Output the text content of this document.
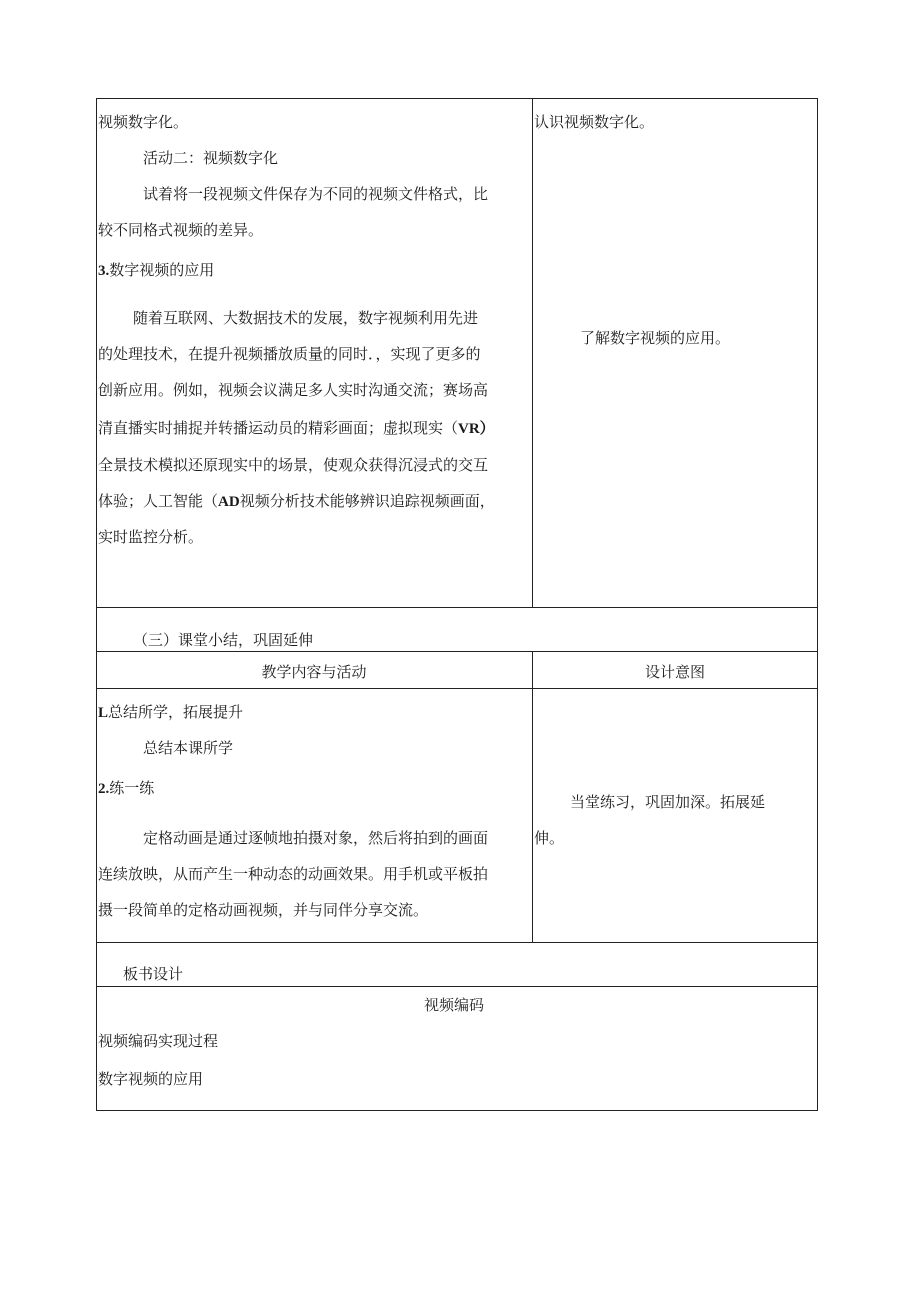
视频数字化。
活动二：视频数字化
试着将一段视频文件保存为不同的视频文件格式，比
较不同格式视频的差异。
3.数字视频的应用
随着互联网、大数据技术的发展，数字视频利用先进
的处理技术，在提升视频播放质量的同时．，实现了更多的
创新应用。例如，视频会议满足多人实时沟通交流；赛场高
清直播实时捕捉并转播运动员的精彩画面；虚拟现实（VR）
全景技术模拟还原现实中的场景，使观众获得沉浸式的交互
体验；人工智能（AD视频分析技术能够辨识追踪视频画面，
实时监控分析。
认识视频数字化。
了解数字视频的应用。
（三）课堂小结，巩固延伸
教学内容与活动	设计意图
L总结所学，拓展提升
总结本课所学
2.练一练
定格动画是通过逐帧地拍摄对象，然后将拍到的画面
连续放映，从而产生一种动态的动画效果。用手机或平板拍
摄一段简单的定格动画视频，并与同伴分享交流。
当堂练习，巩固加深。拓展延
伸。
板书设计
视频编码
视频编码实现过程
数字视频的应用
